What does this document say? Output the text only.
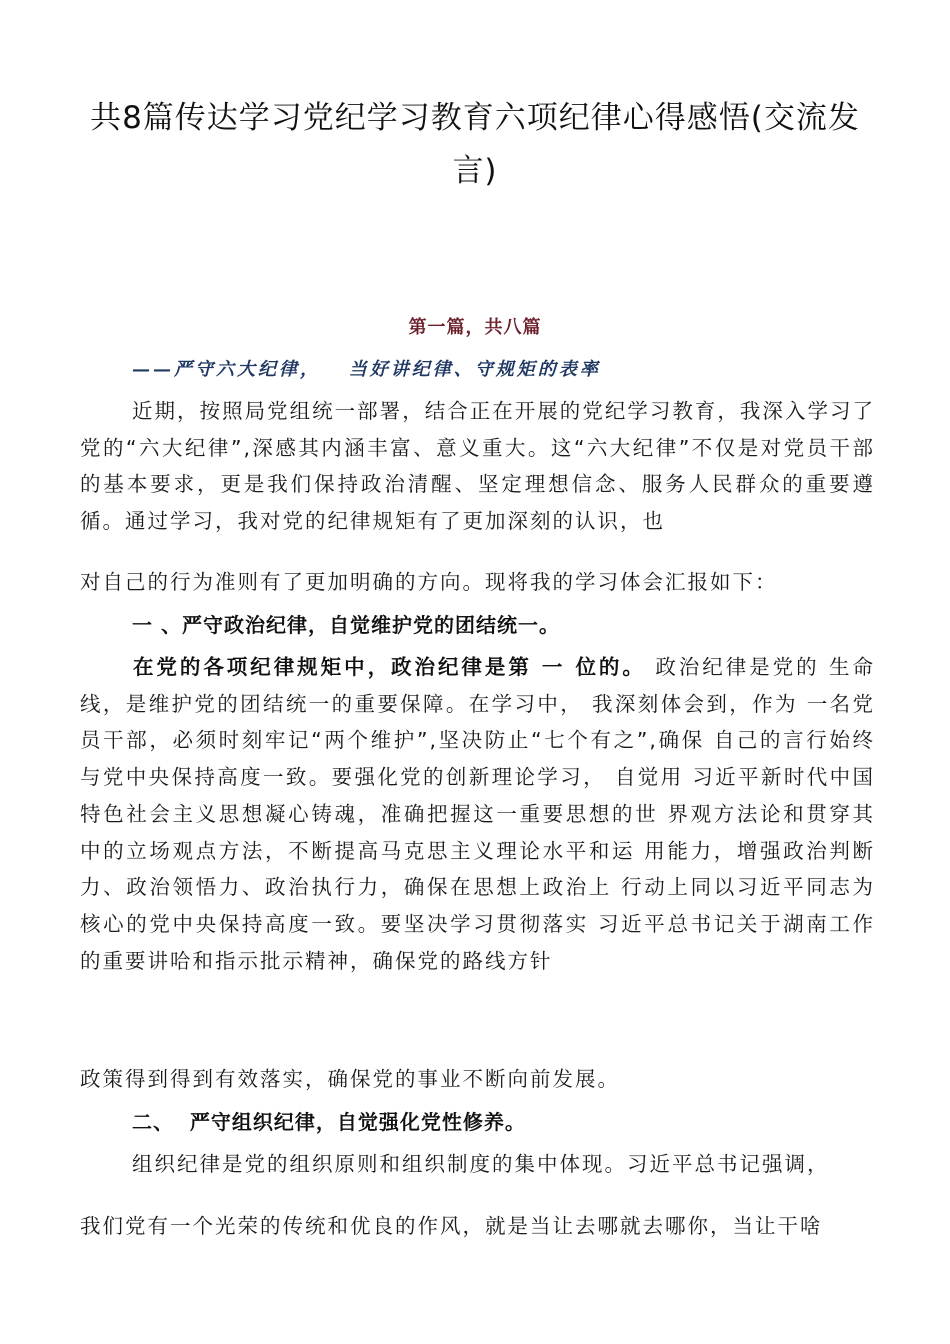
共8篇传达学习党纪学习教育六项纪律心得感悟(交流发言)
第一篇，共八篇
——严守六大纪律，   当好讲纪律、守规矩的表率

近期，按照局党组统一部署，结合正在开展的党纪学习教育，我深入学习了党的“六大纪律”,深感其内涵丰富、意义重大。这“六大纪律”不仅是对党员干部的基本要求，更是我们保持政治清醒、坚定理想信念、服务人民群众的重要遵循。通过学习，我对党的纪律规矩有了更加深刻的认识，也

对自己的行为准则有了更加明确的方向。现将我的学习体会汇报如下：

一 、严守政治纪律，自觉维护党的团结统一。

在党的各项纪律规矩中，政治纪律是第 一 位的。 政治纪律是党的 生命线，是维护党的团结统一的重要保障。在学习中， 我深刻体会到，作为 一名党员干部，必须时刻牢记“两个维护”,坚决防止“七个有之”,确保 自己的言行始终与党中央保持高度一致。要强化党的创新理论学习， 自觉用 习近平新时代中国特色社会主义思想凝心铸魂，准确把握这一重要思想的世 界观方法论和贯穿其中的立场观点方法，不断提高马克思主义理论水平和运 用能力，增强政治判断力、政治领悟力、政治执行力，确保在思想上政治上 行动上同以习近平同志为核心的党中央保持高度一致。要坚决学习贯彻落实 习近平总书记关于湖南工作的重要讲哈和指示批示精神，确保党的路线方针

政策得到得到有效落实，确保党的事业不断向前发展。

二、  严守组织纪律，自觉强化党性修养。

组织纪律是党的组织原则和组织制度的集中体现。习近平总书记强调，

我们党有一个光荣的传统和优良的作风，就是当让去哪就去哪你，当让干啥
